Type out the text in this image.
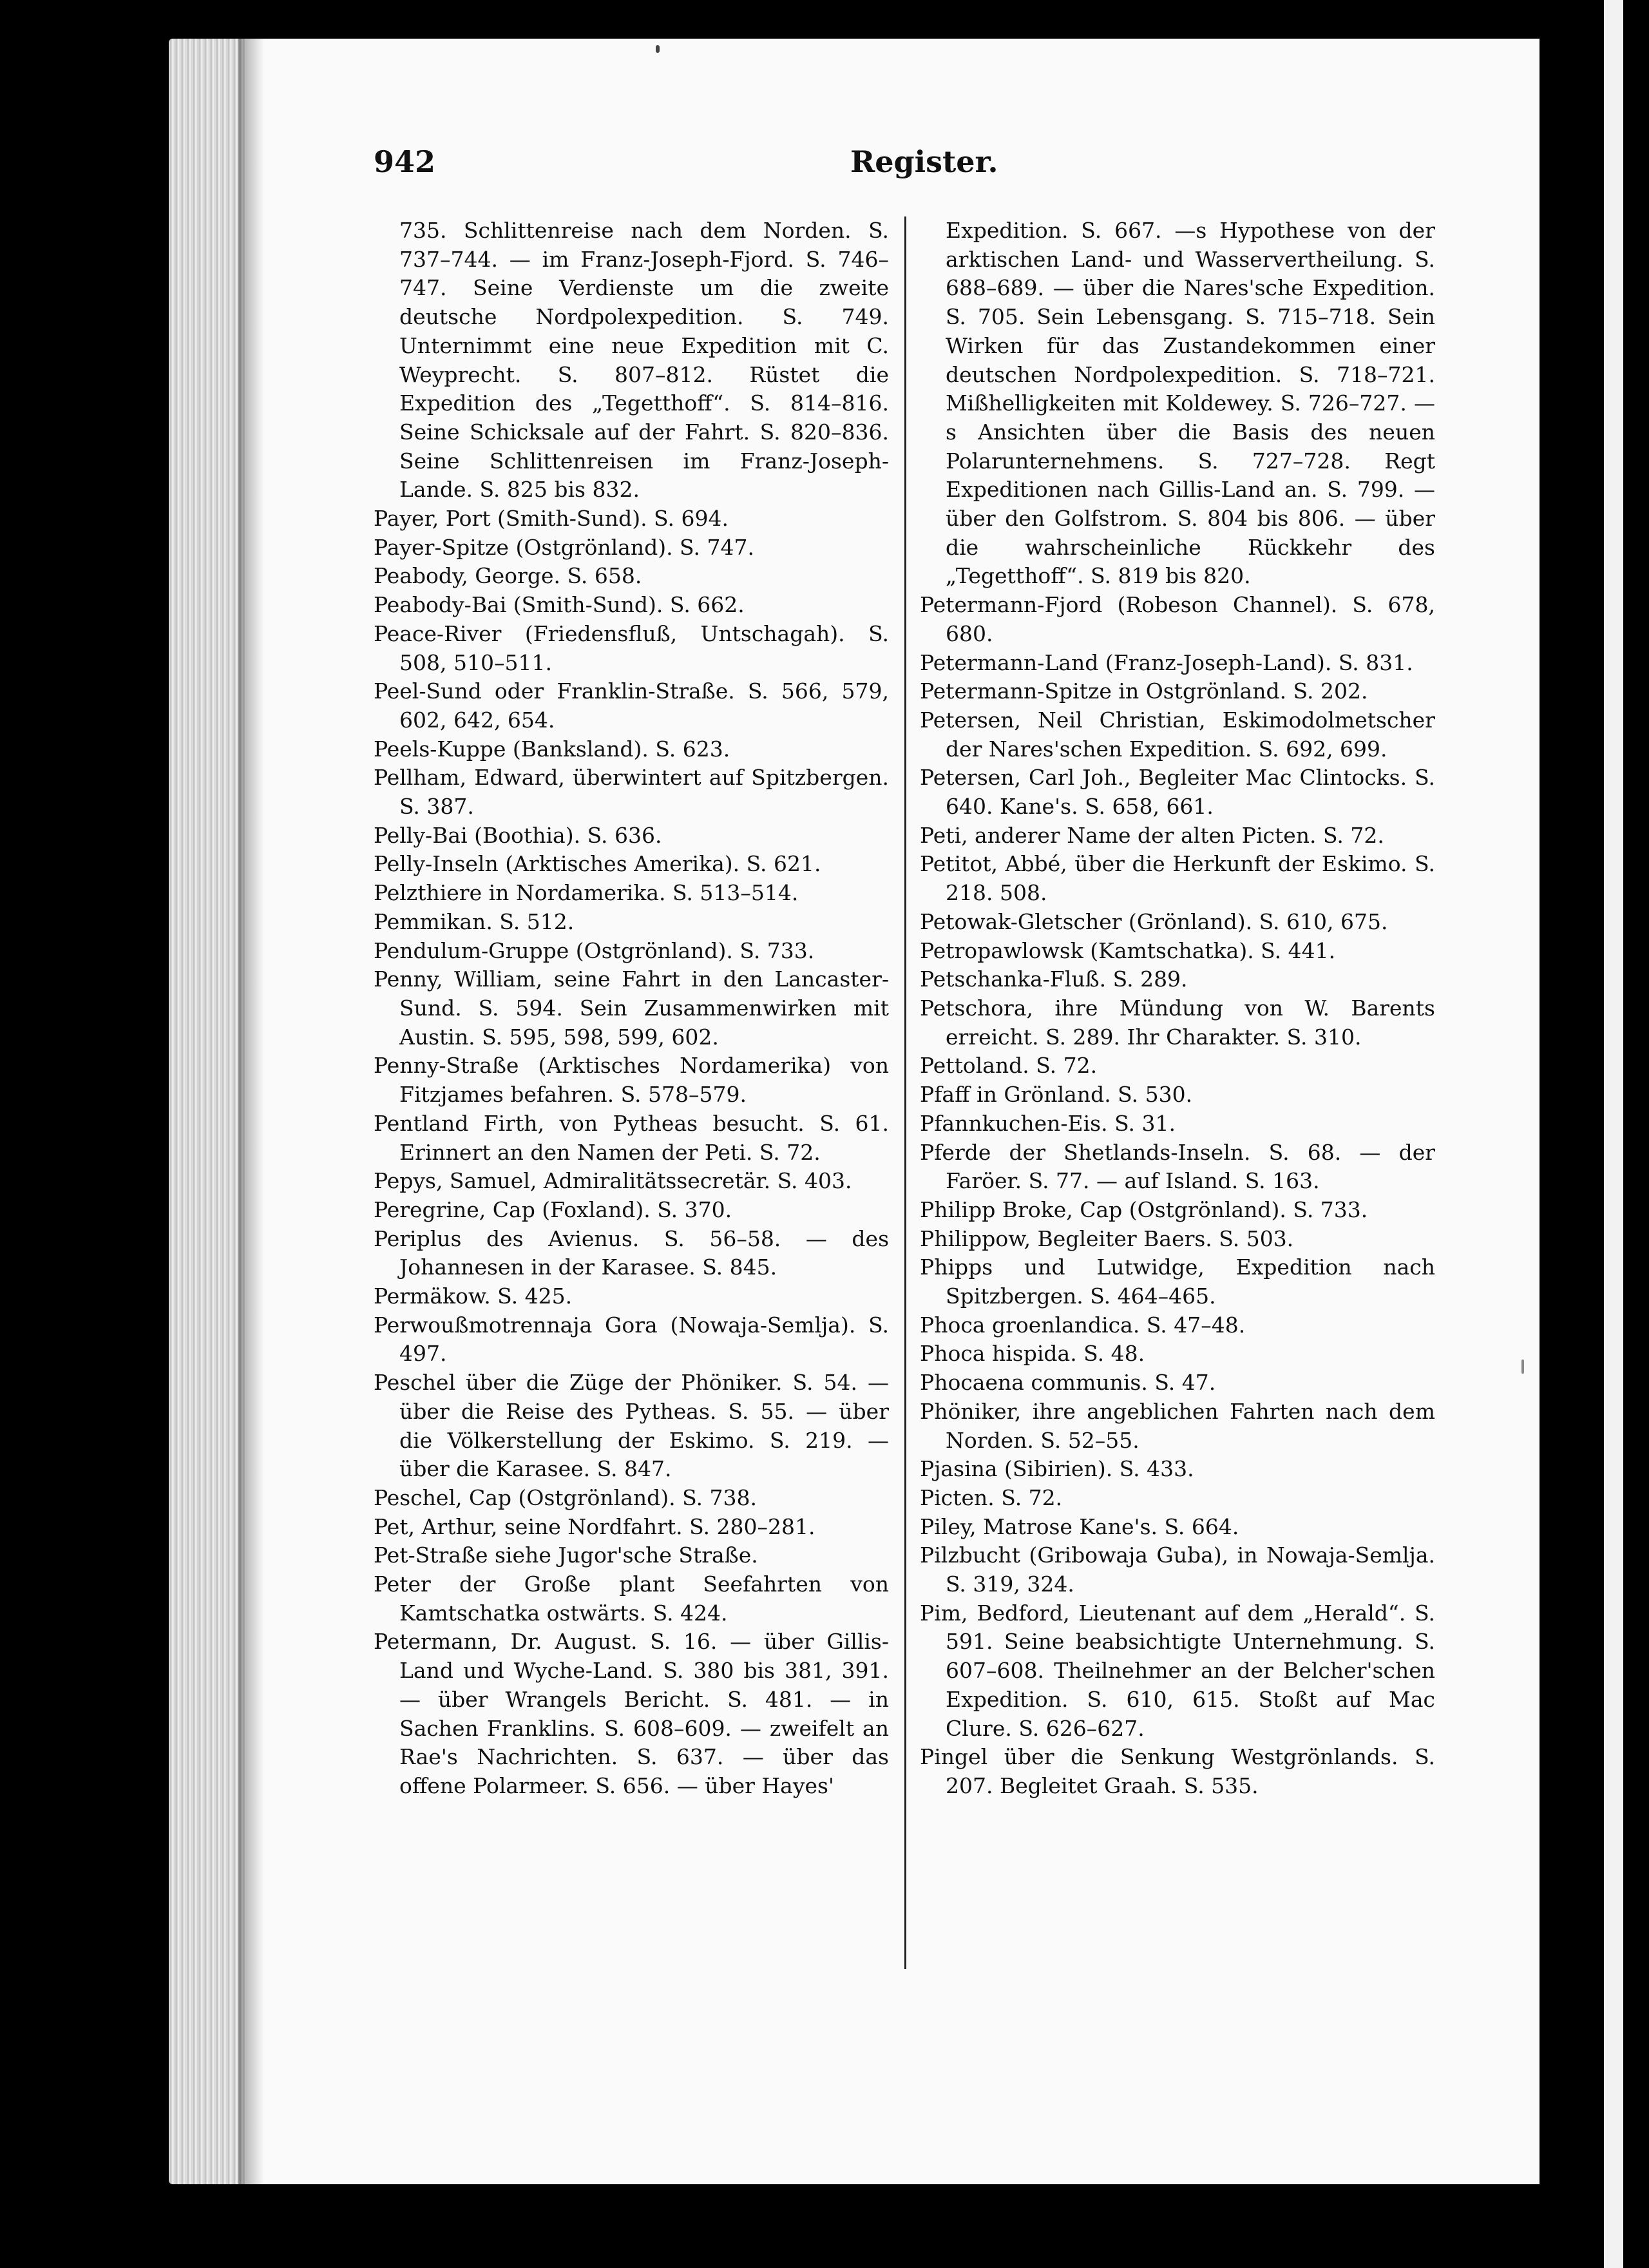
942	Register.

735. Schlittenreise nach dem Norden. S. 737–744. — im Franz-Joseph-Fjord. S. 746–747. Seine Verdienste um die zweite deutsche Nordpolexpedition. S. 749. Unternimmt eine neue Expedition mit C. Weyprecht. S. 807–812. Rüstet die Expedition des „Tegetthoff“. S. 814–816. Seine Schicksale auf der Fahrt. S. 820–836. Seine Schlittenreisen im Franz-Joseph-Lande. S. 825 bis 832.

Payer, Port (Smith-Sund). S. 694.

Payer-Spitze (Ostgrönland). S. 747.

Peabody, George. S. 658.

Peabody-Bai (Smith-Sund). S. 662.

Peace-River (Friedensfluß, Untschagah). S. 508, 510–511.

Peel-Sund oder Franklin-Straße. S. 566, 579, 602, 642, 654.

Peels-Kuppe (Banksland). S. 623.

Pellham, Edward, überwintert auf Spitzbergen. S. 387.

Pelly-Bai (Boothia). S. 636.

Pelly-Inseln (Arktisches Amerika). S. 621.

Pelzthiere in Nordamerika. S. 513–514.

Pemmikan. S. 512.

Pendulum-Gruppe (Ostgrönland). S. 733.

Penny, William, seine Fahrt in den Lancaster-Sund. S. 594. Sein Zusammenwirken mit Austin. S. 595, 598, 599, 602.

Penny-Straße (Arktisches Nordamerika) von Fitzjames befahren. S. 578–579.

Pentland Firth, von Pytheas besucht. S. 61. Erinnert an den Namen der Peti. S. 72.

Pepys, Samuel, Admiralitätssecretär. S. 403.

Peregrine, Cap (Foxland). S. 370.

Periplus des Avienus. S. 56–58. — des Johannesen in der Karasee. S. 845.

Permäkow. S. 425.

Perwoußmotrennaja Gora (Nowaja-Semlja). S. 497.

Peschel über die Züge der Phöniker. S. 54. — über die Reise des Pytheas. S. 55. — über die Völkerstellung der Eskimo. S. 219. — über die Karasee. S. 847.

Peschel, Cap (Ostgrönland). S. 738.

Pet, Arthur, seine Nordfahrt. S. 280–281.

Pet-Straße siehe Jugor'sche Straße.

Peter der Große plant Seefahrten von Kamtschatka ostwärts. S. 424.

Petermann, Dr. August. S. 16. — über Gillis-Land und Wyche-Land. S. 380 bis 381, 391. — über Wrangels Bericht. S. 481. — in Sachen Franklins. S. 608–609. — zweifelt an Rae's Nachrichten. S. 637. — über das offene Polarmeer. S. 656. — über Hayes'

Expedition. S. 667. —s Hypothese von der arktischen Land- und Wasservertheilung. S. 688–689. — über die Nares'sche Expedition. S. 705. Sein Lebensgang. S. 715–718. Sein Wirken für das Zustandekommen einer deutschen Nordpolexpedition. S. 718–721. Mißhelligkeiten mit Koldewey. S. 726–727. —s Ansichten über die Basis des neuen Polarunternehmens. S. 727–728. Regt Expeditionen nach Gillis-Land an. S. 799. — über den Golfstrom. S. 804 bis 806. — über die wahrscheinliche Rückkehr des „Tegetthoff“. S. 819 bis 820.

Petermann-Fjord (Robeson Channel). S. 678, 680.

Petermann-Land (Franz-Joseph-Land). S. 831.

Petermann-Spitze in Ostgrönland. S. 202.

Petersen, Neil Christian, Eskimodolmetscher der Nares'schen Expedition. S. 692, 699.

Petersen, Carl Joh., Begleiter Mac Clintocks. S. 640. Kane's. S. 658, 661.

Peti, anderer Name der alten Picten. S. 72.

Petitot, Abbé, über die Herkunft der Eskimo. S. 218. 508.

Petowak-Gletscher (Grönland). S. 610, 675.

Petropawlowsk (Kamtschatka). S. 441.

Petschanka-Fluß. S. 289.

Petschora, ihre Mündung von W. Barents erreicht. S. 289. Ihr Charakter. S. 310.

Pettoland. S. 72.

Pfaff in Grönland. S. 530.

Pfannkuchen-Eis. S. 31.

Pferde der Shetlands-Inseln. S. 68. — der Faröer. S. 77. — auf Island. S. 163.

Philipp Broke, Cap (Ostgrönland). S. 733.

Philippow, Begleiter Baers. S. 503.

Phipps und Lutwidge, Expedition nach Spitzbergen. S. 464–465.

Phoca groenlandica. S. 47–48.

Phoca hispida. S. 48.

Phocaena communis. S. 47.

Phöniker, ihre angeblichen Fahrten nach dem Norden. S. 52–55.

Pjasina (Sibirien). S. 433.

Picten. S. 72.

Piley, Matrose Kane's. S. 664.

Pilzbucht (Gribowaja Guba), in Nowaja-Semlja. S. 319, 324.

Pim, Bedford, Lieutenant auf dem „Herald“. S. 591. Seine beabsichtigte Unternehmung. S. 607–608. Theilnehmer an der Belcher'schen Expedition. S. 610, 615. Stoßt auf Mac Clure. S. 626–627.

Pingel über die Senkung Westgrönlands. S. 207. Begleitet Graah. S. 535.
